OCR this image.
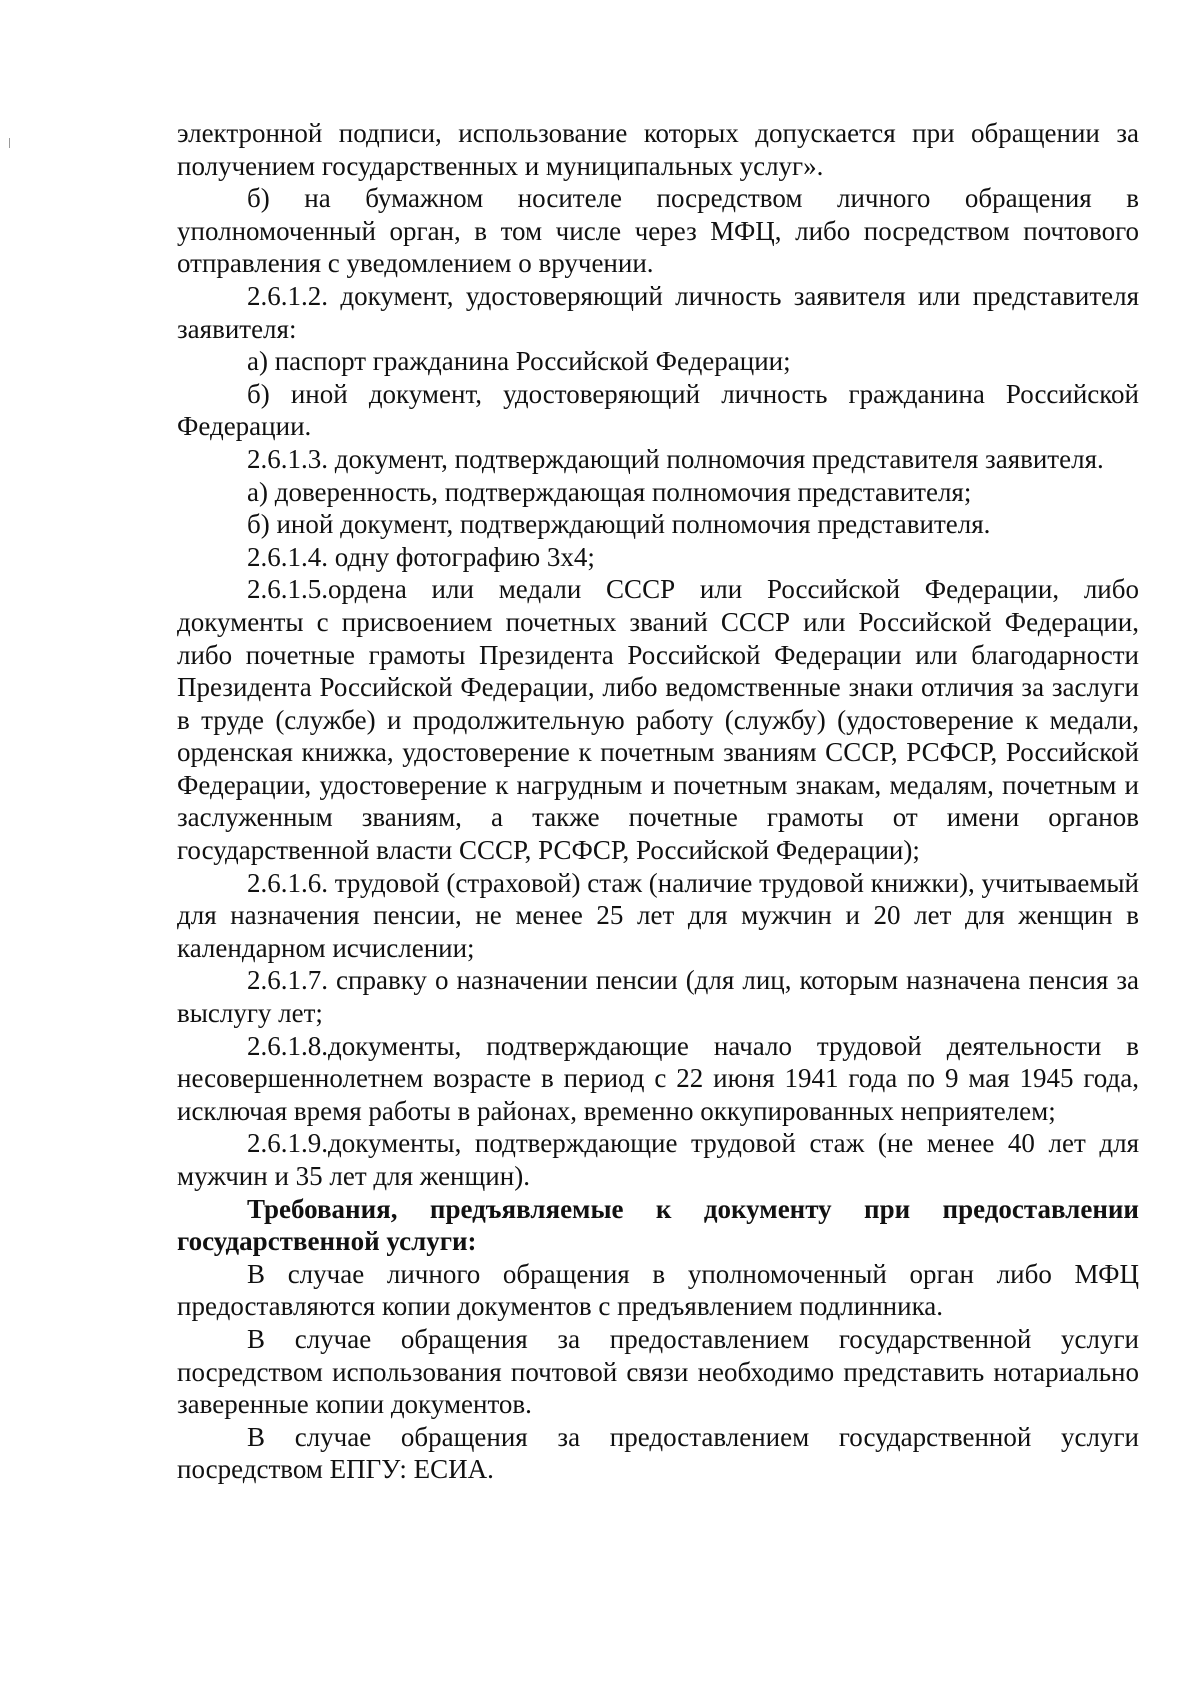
электронной подписи, использование которых допускается при обращении за получением государственных и муниципальных услуг».

б) на бумажном носителе посредством личного обращения в уполномоченный орган, в том числе через МФЦ, либо посредством почтового отправления с уведомлением о вручении.

2.6.1.2. документ, удостоверяющий личность заявителя или представителя заявителя:

а) паспорт гражданина Российской Федерации;

б) иной документ, удостоверяющий личность гражданина Российской Федерации.

2.6.1.3. документ, подтверждающий полномочия представителя заявителя.

а) доверенность, подтверждающая полномочия представителя;

б) иной документ, подтверждающий полномочия представителя.

2.6.1.4. одну фотографию 3х4;

2.6.1.5.ордена или медали СССР или Российской Федерации, либо документы с присвоением почетных званий СССР или Российской Федерации, либо почетные грамоты Президента Российской Федерации или благодарности Президента Российской Федерации, либо ведомственные знаки отличия за заслуги в труде (службе) и продолжительную работу (службу) (удостоверение к медали, орденская книжка, удостоверение к почетным званиям СССР, РСФСР, Российской Федерации, удостоверение к нагрудным и почетным знакам, медалям, почетным и заслуженным званиям, а также почетные грамоты от имени органов государственной власти СССР, РСФСР, Российской Федерации);

2.6.1.6. трудовой (страховой) стаж (наличие трудовой книжки), учитываемый для назначения пенсии, не менее 25 лет для мужчин и 20 лет для женщин в календарном исчислении;

2.6.1.7. справку о назначении пенсии (для лиц, которым назначена пенсия за выслугу лет;

2.6.1.8.документы, подтверждающие начало трудовой деятельности в несовершеннолетнем возрасте в период с 22 июня 1941 года по 9 мая 1945 года, исключая время работы в районах, временно оккупированных неприятелем;

2.6.1.9.документы, подтверждающие трудовой стаж (не менее 40 лет для мужчин и 35 лет для женщин).

Требования, предъявляемые к документу при предоставлении государственной услуги:

В случае личного обращения в уполномоченный орган либо МФЦ предоставляются копии документов с предъявлением подлинника.

В случае обращения за предоставлением государственной услуги посредством использования почтовой связи необходимо представить нотариально заверенные копии документов.

В случае обращения за предоставлением государственной услуги посредством ЕПГУ: ЕСИА.
